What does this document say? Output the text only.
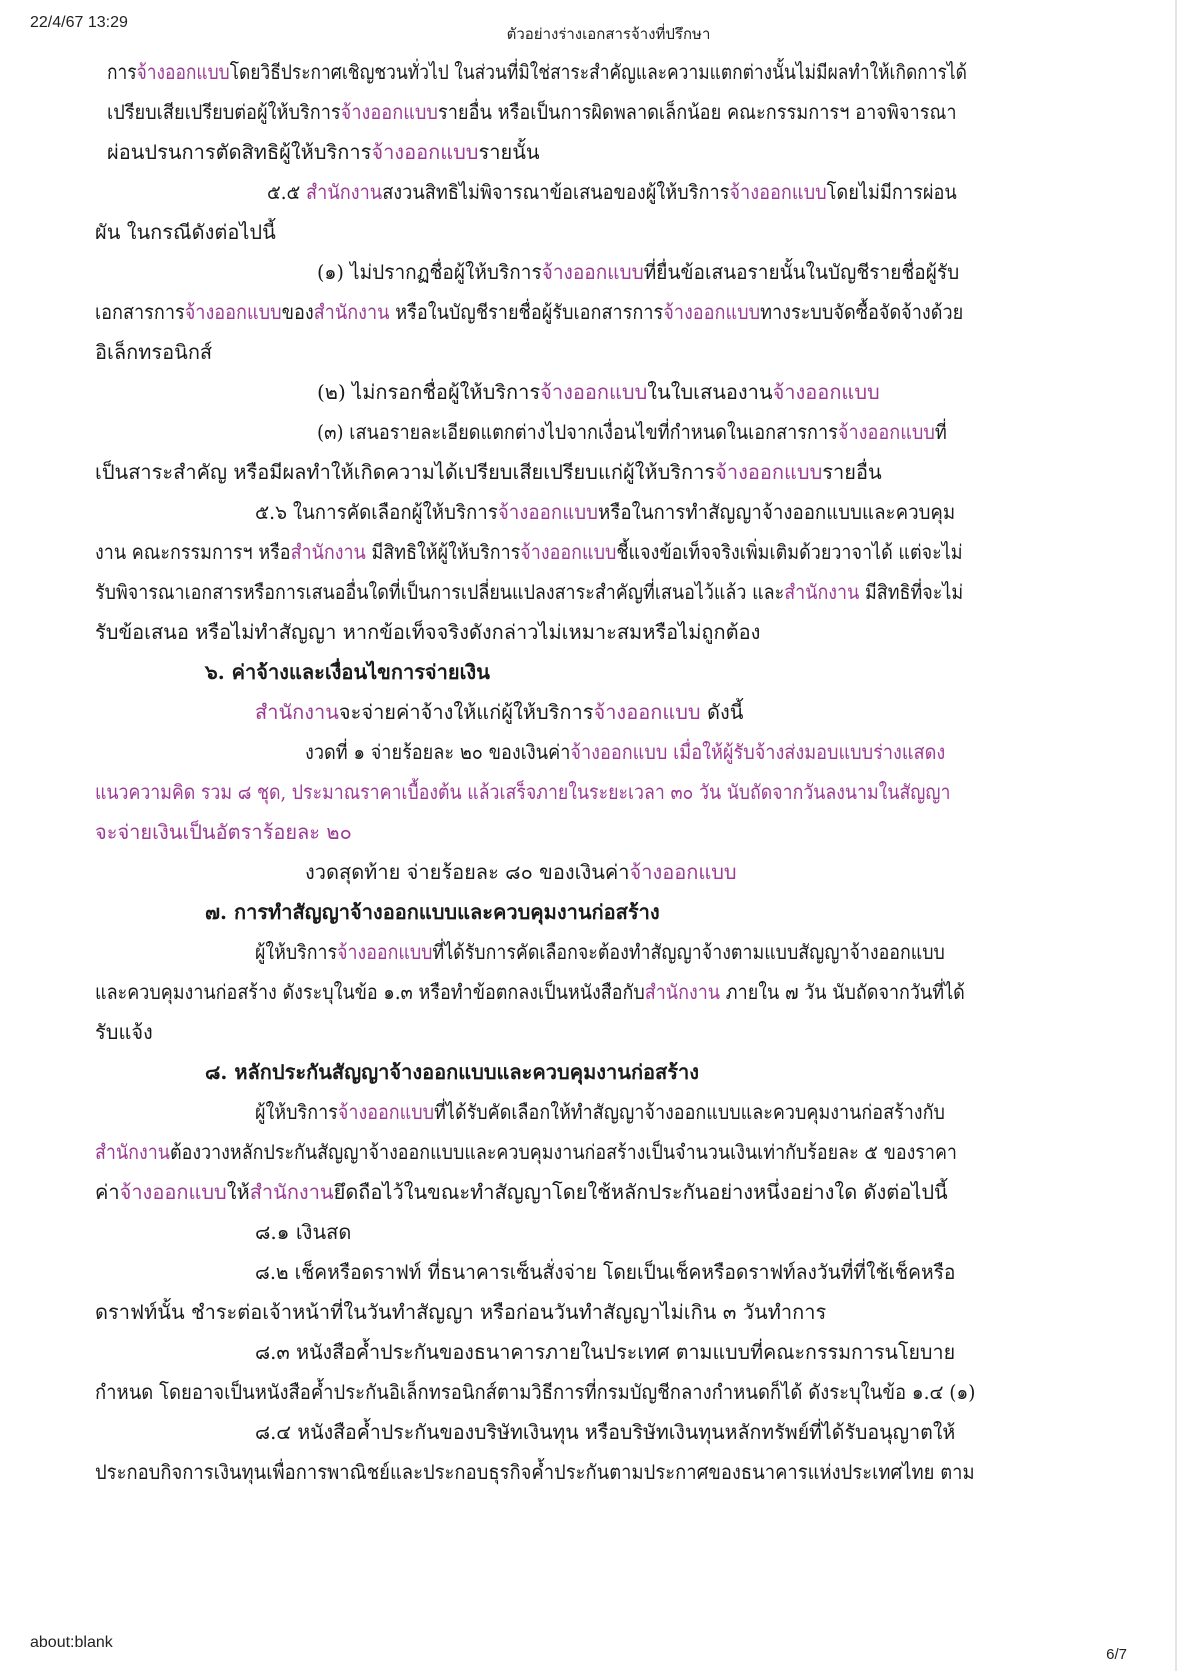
22/4/67 13:29
ตัวอย่างร่างเอกสารจ้างที่ปรึกษา
การจ้างออกแบบโดยวิธีประกาศเชิญชวนทั่วไป ในส่วนที่มิใช่สาระสำคัญและความแตกต่างนั้นไม่มีผลทำให้เกิดการได้
เปรียบเสียเปรียบต่อผู้ให้บริการจ้างออกแบบรายอื่น หรือเป็นการผิดพลาดเล็กน้อย คณะกรรมการฯ อาจพิจารณา
ผ่อนปรนการตัดสิทธิผู้ให้บริการจ้างออกแบบรายนั้น
๕.๕ สำนักงานสงวนสิทธิไม่พิจารณาข้อเสนอของผู้ให้บริการจ้างออกแบบโดยไม่มีการผ่อน
ผัน ในกรณีดังต่อไปนี้
(๑) ไม่ปรากฏชื่อผู้ให้บริการจ้างออกแบบที่ยื่นข้อเสนอรายนั้นในบัญชีรายชื่อผู้รับ
เอกสารการจ้างออกแบบของสำนักงาน หรือในบัญชีรายชื่อผู้รับเอกสารการจ้างออกแบบทางระบบจัดซื้อจัดจ้างด้วย
อิเล็กทรอนิกส์
(๒) ไม่กรอกชื่อผู้ให้บริการจ้างออกแบบในใบเสนองานจ้างออกแบบ
(๓) เสนอรายละเอียดแตกต่างไปจากเงื่อนไขที่กำหนดในเอกสารการจ้างออกแบบที่
เป็นสาระสำคัญ หรือมีผลทำให้เกิดความได้เปรียบเสียเปรียบแก่ผู้ให้บริการจ้างออกแบบรายอื่น
๕.๖ ในการคัดเลือกผู้ให้บริการจ้างออกแบบหรือในการทำสัญญาจ้างออกแบบและควบคุม
งาน คณะกรรมการฯ หรือสำนักงาน มีสิทธิให้ผู้ให้บริการจ้างออกแบบชี้แจงข้อเท็จจริงเพิ่มเติมด้วยวาจาได้ แต่จะไม่
รับพิจารณาเอกสารหรือการเสนออื่นใดที่เป็นการเปลี่ยนแปลงสาระสำคัญที่เสนอไว้แล้ว และสำนักงาน มีสิทธิที่จะไม่
รับข้อเสนอ หรือไม่ทำสัญญา หากข้อเท็จจริงดังกล่าวไม่เหมาะสมหรือไม่ถูกต้อง
๖. ค่าจ้างและเงื่อนไขการจ่ายเงิน
สำนักงานจะจ่ายค่าจ้างให้แก่ผู้ให้บริการจ้างออกแบบ ดังนี้
งวดที่ ๑ จ่ายร้อยละ ๒๐ ของเงินค่าจ้างออกแบบ เมื่อให้ผู้รับจ้างส่งมอบแบบร่างแสดง
แนวความคิด รวม ๘ ชุด, ประมาณราคาเบื้องต้น แล้วเสร็จภายในระยะเวลา ๓๐ วัน นับถัดจากวันลงนามในสัญญา
จะจ่ายเงินเป็นอัตราร้อยละ ๒๐
งวดสุดท้าย จ่ายร้อยละ ๘๐ ของเงินค่าจ้างออกแบบ
๗. การทำสัญญาจ้างออกแบบและควบคุมงานก่อสร้าง
ผู้ให้บริการจ้างออกแบบที่ได้รับการคัดเลือกจะต้องทำสัญญาจ้างตามแบบสัญญาจ้างออกแบบ
และควบคุมงานก่อสร้าง ดังระบุในข้อ ๑.๓ หรือทำข้อตกลงเป็นหนังสือกับสำนักงาน ภายใน ๗ วัน นับถัดจากวันที่ได้
รับแจ้ง
๘. หลักประกันสัญญาจ้างออกแบบและควบคุมงานก่อสร้าง
ผู้ให้บริการจ้างออกแบบที่ได้รับคัดเลือกให้ทำสัญญาจ้างออกแบบและควบคุมงานก่อสร้างกับ
สำนักงานต้องวางหลักประกันสัญญาจ้างออกแบบและควบคุมงานก่อสร้างเป็นจำนวนเงินเท่ากับร้อยละ ๕ ของราคา
ค่าจ้างออกแบบให้สำนักงานยึดถือไว้ในขณะทำสัญญาโดยใช้หลักประกันอย่างหนึ่งอย่างใด ดังต่อไปนี้
๘.๑ เงินสด
๘.๒ เช็คหรือดราฟท์ ที่ธนาคารเซ็นสั่งจ่าย โดยเป็นเช็คหรือดราฟท์ลงวันที่ที่ใช้เช็คหรือ
ดราฟท์นั้น ชำระต่อเจ้าหน้าที่ในวันทำสัญญา หรือก่อนวันทำสัญญาไม่เกิน ๓ วันทำการ
๘.๓ หนังสือค้ำประกันของธนาคารภายในประเทศ ตามแบบที่คณะกรรมการนโยบาย
กำหนด โดยอาจเป็นหนังสือค้ำประกันอิเล็กทรอนิกส์ตามวิธีการที่กรมบัญชีกลางกำหนดก็ได้ ดังระบุในข้อ ๑.๔ (๑)
๘.๔ หนังสือค้ำประกันของบริษัทเงินทุน หรือบริษัทเงินทุนหลักทรัพย์ที่ได้รับอนุญาตให้
ประกอบกิจการเงินทุนเพื่อการพาณิชย์และประกอบธุรกิจค้ำประกันตามประกาศของธนาคารแห่งประเทศไทย ตาม
about:blank
6/7
